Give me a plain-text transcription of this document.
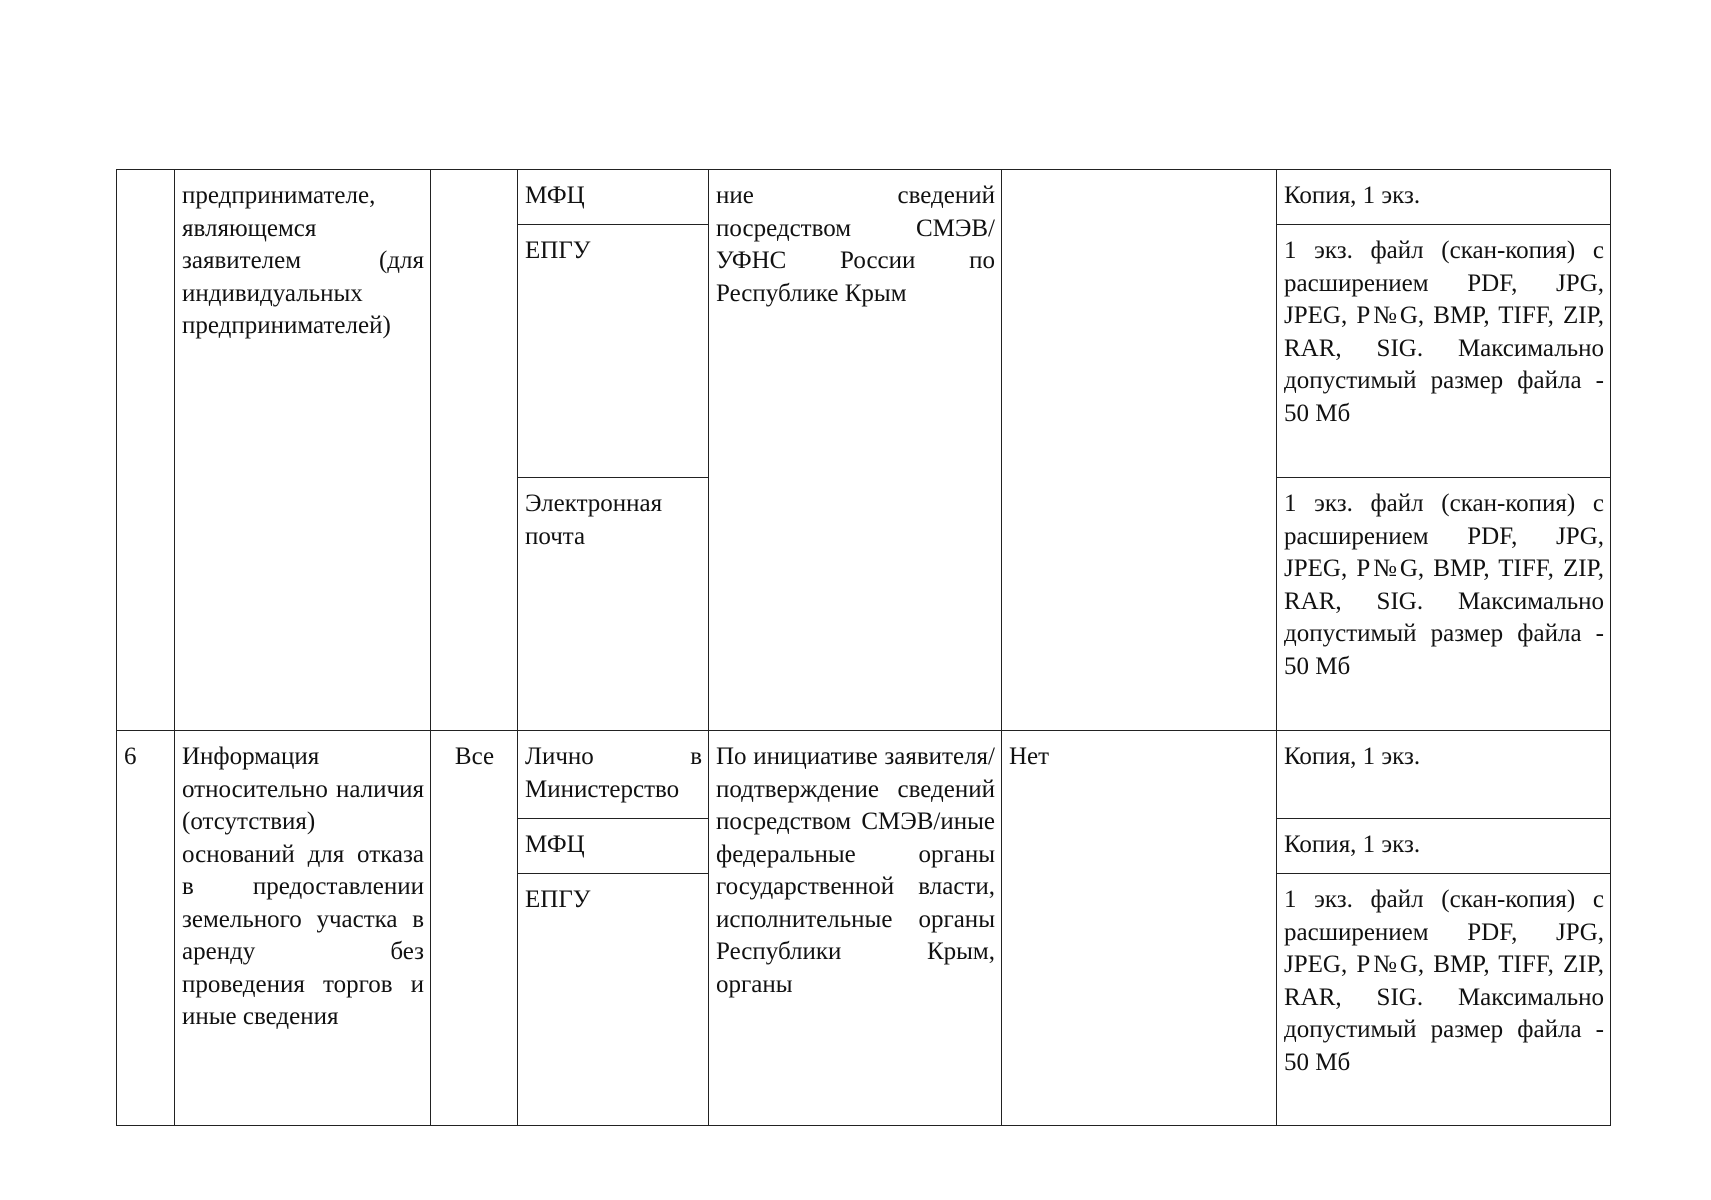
	предпринимателе,
являющемся
заявителем (для
индивидуальных
предпринимателей)		МФЦ	ние сведений посредством СМЭВ/УФНС России по Республике Крым		Копия, 1 экз.
			ЕПГУ			1 экз. файл (скан-копия) с расширением PDF, JPG, JPEG, P№G, BMP, TIFF, ZIP, RAR, SIG. Максимально допустимый размер файла - 50 Мб
			Электронная почта			1 экз. файл (скан-копия) с расширением PDF, JPG, JPEG, P№G, BMP, TIFF, ZIP, RAR, SIG. Максимально допустимый размер файла - 50 Мб
6	Информация относительно наличия (отсутствия) оснований для отказа в предоставлении земельного участка в аренду без проведения торгов и иные сведения	Все	Лично в Министерство	По инициативе заявителя/подтверждение сведений посредством СМЭВ/иные федеральные органы государственной власти, исполнительные органы Республики Крым, органы	Нет	Копия, 1 экз.
			МФЦ			Копия, 1 экз.
			ЕПГУ			1 экз. файл (скан-копия) с расширением PDF, JPG, JPEG, P№G, BMP, TIFF, ZIP, RAR, SIG. Максимально допустимый размер файла - 50 Мб
